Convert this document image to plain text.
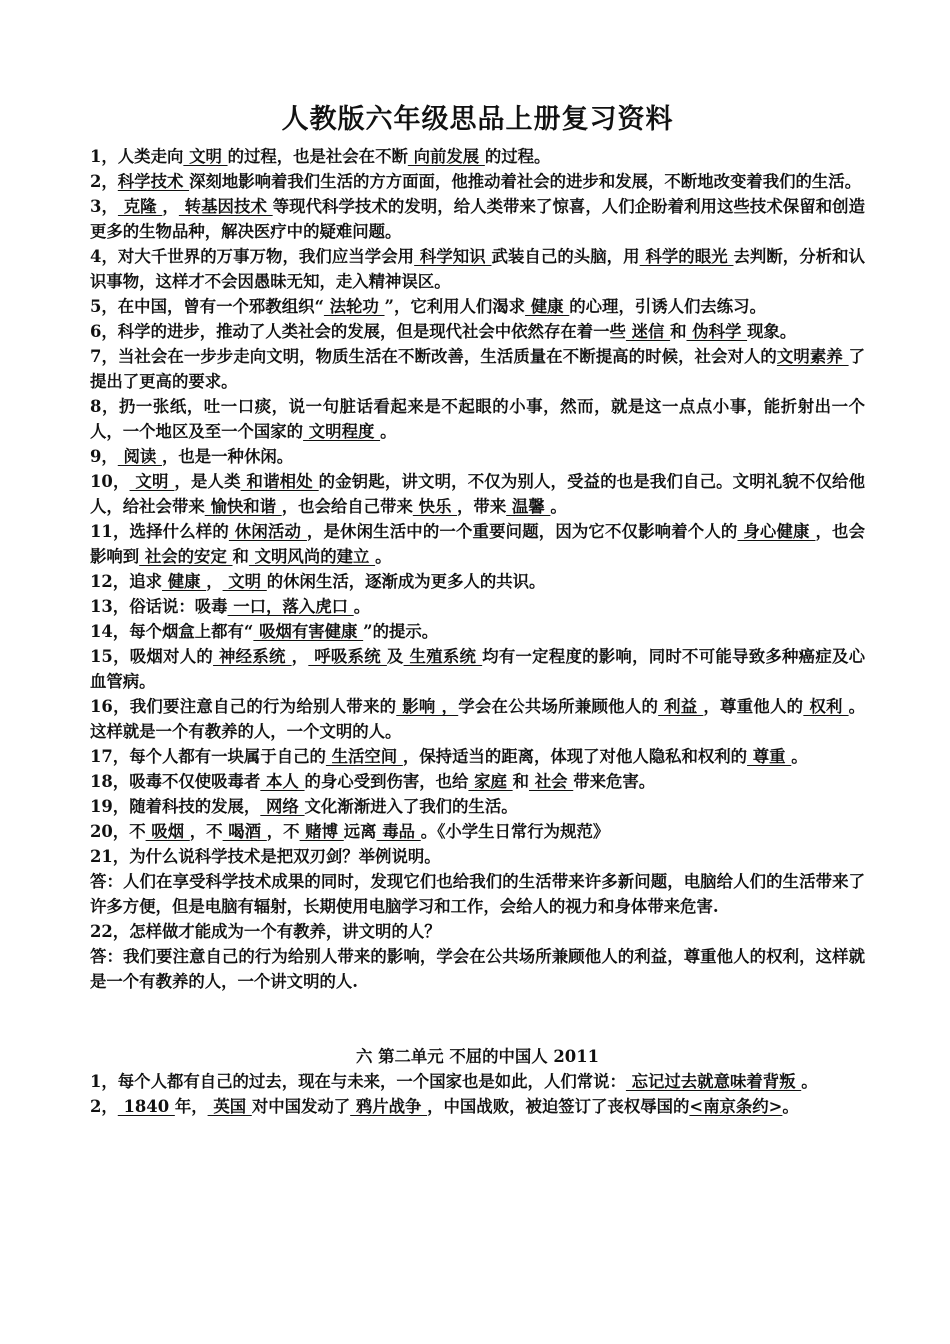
人教版六年级思品上册复习资料

1，人类走向 文明 的过程，也是社会在不断 向前发展 的过程。

2，科学技术 深刻地影响着我们生活的方方面面，他推动着社会的进步和发展，不断地改变着我们的生活。

3， 克隆 ， 转基因技术 等现代科学技术的发明，给人类带来了惊喜，人们企盼着利用这些技术保留和创造更多的生物品种，解决医疗中的疑难问题。

4，对大千世界的万事万物，我们应当学会用 科学知识 武装自己的头脑，用 科学的眼光 去判断，分析和认识事物，这样才不会因愚昧无知，走入精神误区。

5，在中国，曾有一个邪教组织“ 法轮功 ”，它利用人们渴求 健康 的心理，引诱人们去练习。

6，科学的进步，推动了人类社会的发展，但是现代社会中依然存在着一些 迷信 和 伪科学 现象。

7，当社会在一步步走向文明，物质生活在不断改善，生活质量在不断提高的时候，社会对人的文明素养 了提出了更高的要求。

8，扔一张纸，吐一口痰，说一句脏话看起来是不起眼的小事，然而，就是这一点点小事，能折射出一个人，一个地区及至一个国家的 文明程度 。

9， 阅读 ，也是一种休闲。

10， 文明 ，是人类 和谐相处 的金钥匙，讲文明，不仅为别人，受益的也是我们自己。文明礼貌不仅给他人，给社会带来 愉快和谐 ，也会给自己带来 快乐 ，带来 温馨 。

11，选择什么样的 休闲活动 ，是休闲生活中的一个重要问题，因为它不仅影响着个人的 身心健康 ，也会影响到 社会的安定 和 文明风尚的建立 。

12，追求 健康 ， 文明 的休闲生活，逐渐成为更多人的共识。

13，俗话说：吸毒 一口，落入虎口 。

14，每个烟盒上都有“ 吸烟有害健康 ”的提示。

15，吸烟对人的 神经系统 ， 呼吸系统 及 生殖系统 均有一定程度的影响，同时不可能导致多种癌症及心血管病。

16，我们要注意自己的行为给别人带来的 影响 ，学会在公共场所兼顾他人的 利益 ，尊重他人的 权利 。这样就是一个有教养的人，一个文明的人。

17，每个人都有一块属于自己的 生活空间 ，保持适当的距离，体现了对他人隐私和权利的 尊重 。

18，吸毒不仅使吸毒者 本人 的身心受到伤害，也给 家庭 和 社会 带来危害。

19，随着科技的发展， 网络 文化渐渐进入了我们的生活。

20，不 吸烟 ，不 喝酒 ，不 赌博 远离 毒品 。《小学生日常行为规范》

21，为什么说科学技术是把双刃剑？举例说明。

答：人们在享受科学技术成果的同时，发现它们也给我们的生活带来许多新问题，电脑给人们的生活带来了许多方便，但是电脑有辐射，长期使用电脑学习和工作，会给人的视力和身体带来危害.

22，怎样做才能成为一个有教养，讲文明的人？

答：我们要注意自己的行为给别人带来的影响，学会在公共场所兼顾他人的利益，尊重他人的权利，这样就是一个有教养的人，一个讲文明的人.

六 第二单元 不屈的中国人 2011

1，每个人都有自己的过去，现在与未来，一个国家也是如此，人们常说： 忘记过去就意味着背叛 。

2， 1840 年， 英国 对中国发动了 鸦片战争 ，中国战败，被迫签订了丧权辱国的<南京条约>。
